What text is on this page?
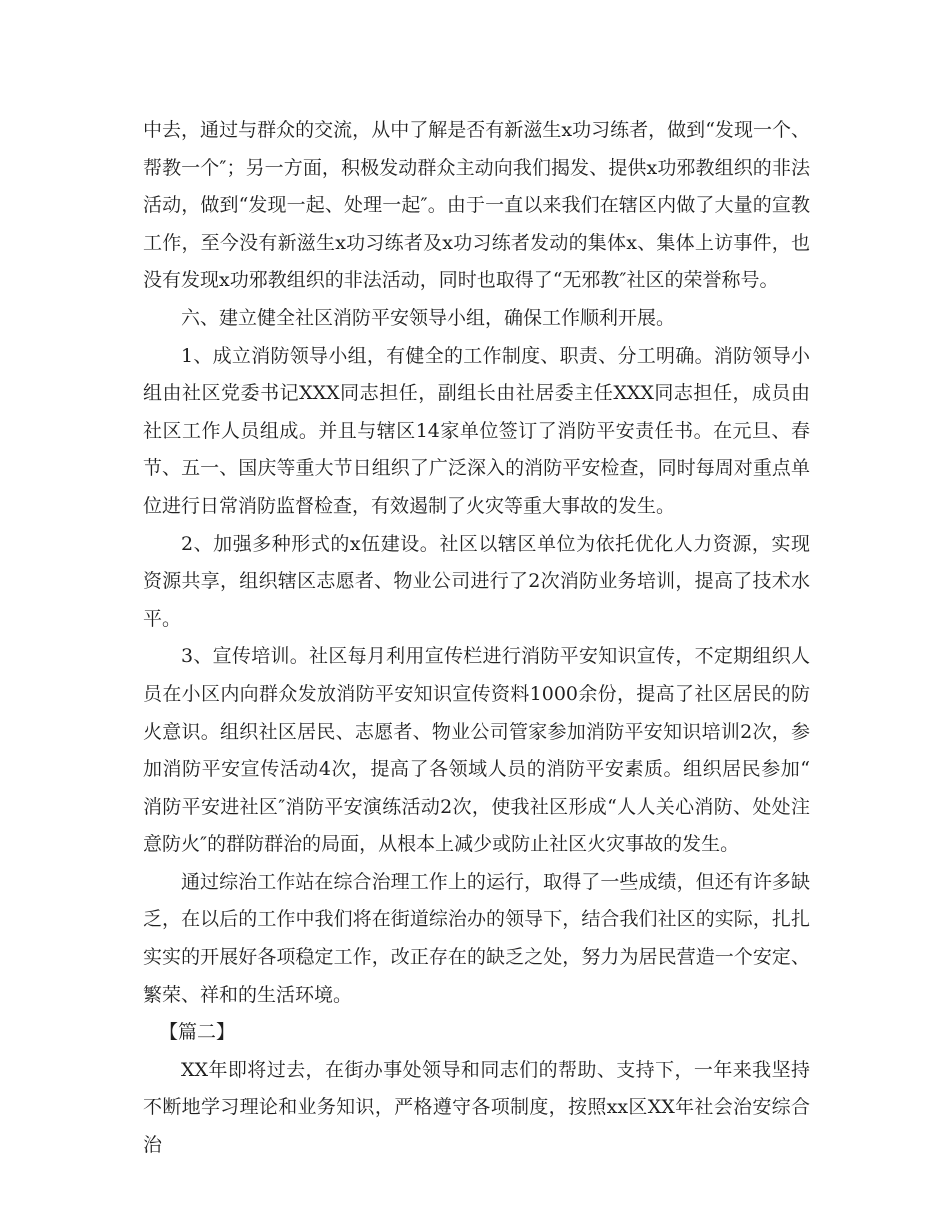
中去，通过与群众的交流，从中了解是否有新滋生x功习练者，做到“发现一个、帮教一个″；另一方面，积极发动群众主动向我们揭发、提供x功邪教组织的非法活动，做到“发现一起、处理一起″。由于一直以来我们在辖区内做了大量的宣教工作，至今没有新滋生x功习练者及x功习练者发动的集体x、集体上访事件，也没有发现x功邪教组织的非法活动，同时也取得了“无邪教″社区的荣誉称号。

六、建立健全社区消防平安领导小组，确保工作顺利开展。

1、成立消防领导小组，有健全的工作制度、职责、分工明确。消防领导小组由社区党委书记XXX同志担任，副组长由社居委主任XXX同志担任，成员由社区工作人员组成。并且与辖区14家单位签订了消防平安责任书。在元旦、春节、五一、国庆等重大节日组织了广泛深入的消防平安检查，同时每周对重点单位进行日常消防监督检查，有效遏制了火灾等重大事故的发生。

2、加强多种形式的x伍建设。社区以辖区单位为依托优化人力资源，实现资源共享，组织辖区志愿者、物业公司进行了2次消防业务培训，提高了技术水平。

3、宣传培训。社区每月利用宣传栏进行消防平安知识宣传，不定期组织人员在小区内向群众发放消防平安知识宣传资料1000余份，提高了社区居民的防火意识。组织社区居民、志愿者、物业公司管家参加消防平安知识培训2次，参加消防平安宣传活动4次，提高了各领域人员的消防平安素质。组织居民参加“消防平安进社区″消防平安演练活动2次，使我社区形成“人人关心消防、处处注意防火″的群防群治的局面，从根本上减少或防止社区火灾事故的发生。

通过综治工作站在综合治理工作上的运行，取得了一些成绩，但还有许多缺乏，在以后的工作中我们将在街道综治办的领导下，结合我们社区的实际，扎扎实实的开展好各项稳定工作，改正存在的缺乏之处，努力为居民营造一个安定、繁荣、祥和的生活环境。

【篇二】

XX年即将过去，在街办事处领导和同志们的帮助、支持下，一年来我坚持不断地学习理论和业务知识，严格遵守各项制度，按照xx区XX年社会治安综合治
